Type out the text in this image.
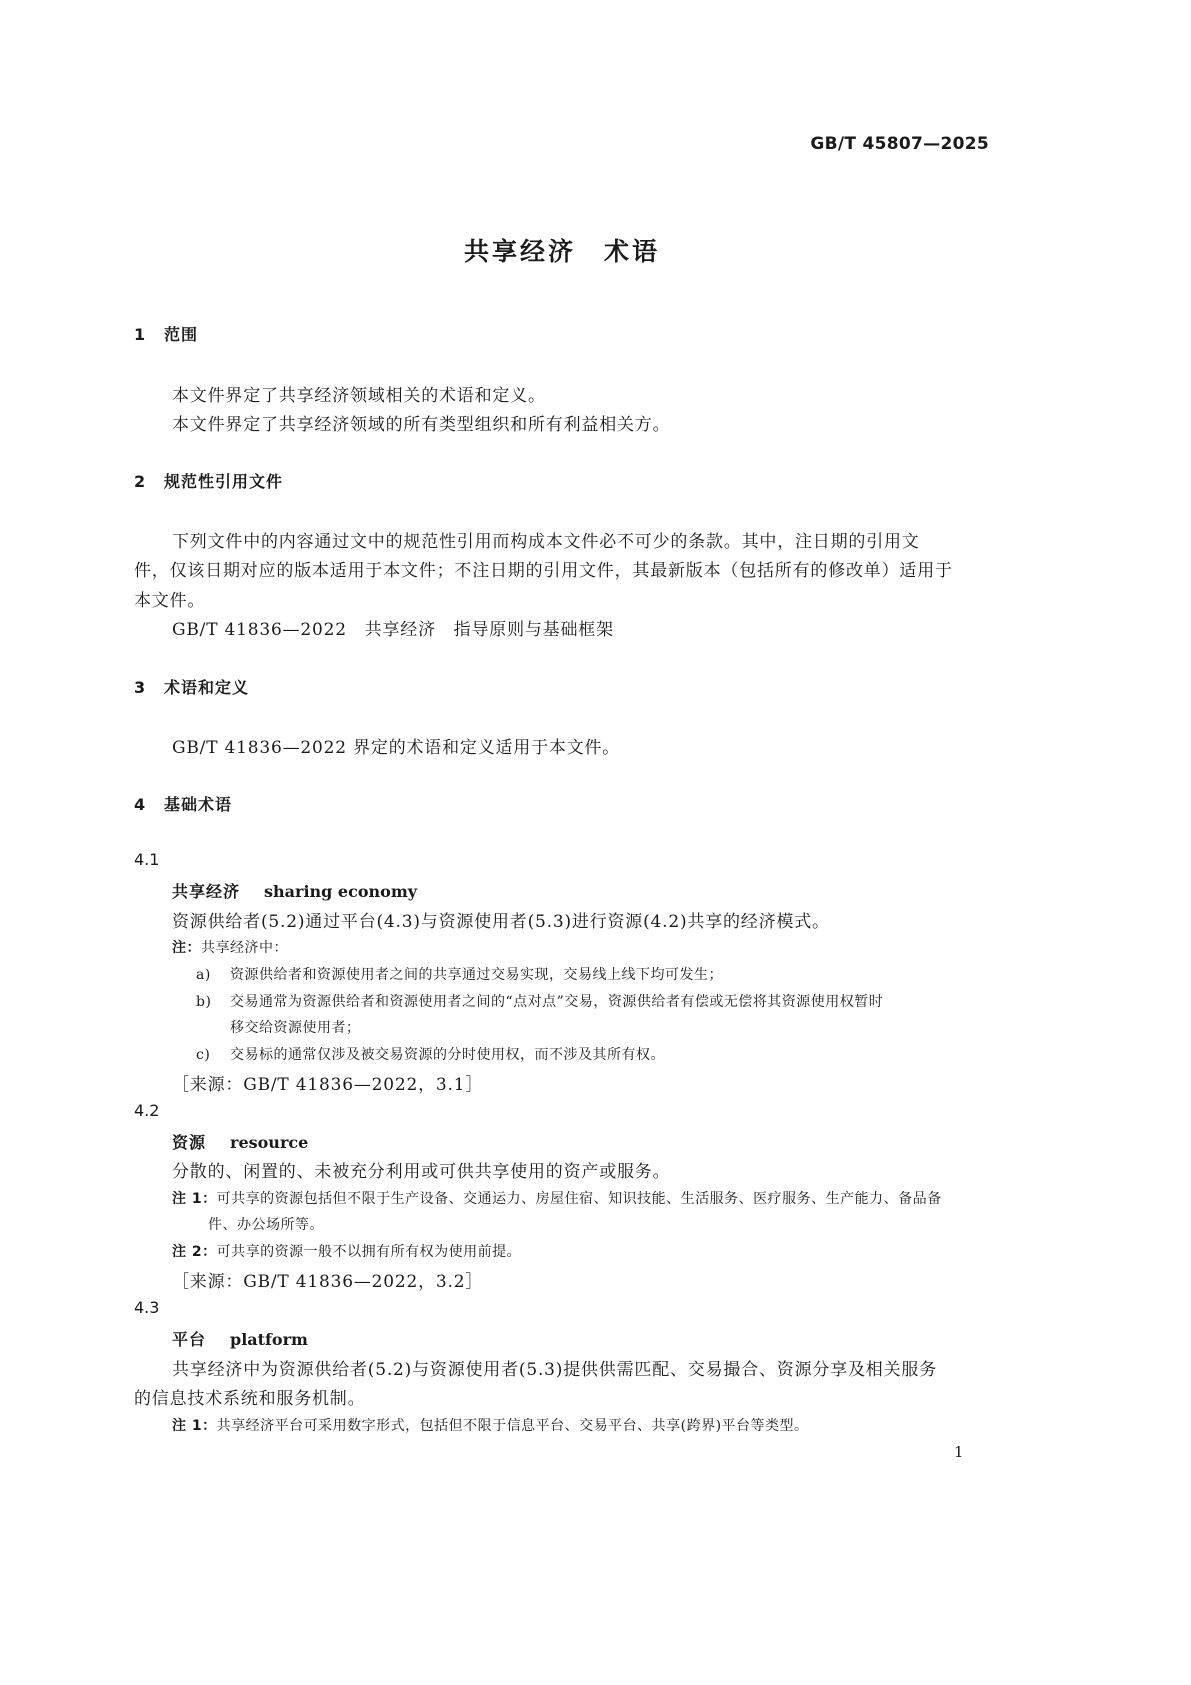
GB/T 45807—2025
共享经济　术语
1 范围
本文件界定了共享经济领域相关的术语和定义。
本文件界定了共享经济领域的所有类型组织和所有利益相关方。
2 规范性引用文件
下列文件中的内容通过文中的规范性引用而构成本文件必不可少的条款。其中，注日期的引用文
件，仅该日期对应的版本适用于本文件；不注日期的引用文件，其最新版本（包括所有的修改单）适用于
本文件。
GB/T 41836—2022　共享经济　指导原则与基础框架
3 术语和定义
GB/T 41836—2022 界定的术语和定义适用于本文件。
4 基础术语
4.1
共享经济 sharing economy
资源供给者(5.2)通过平台(4.3)与资源使用者(5.3)进行资源(4.2)共享的经济模式。
注：共享经济中：
a) 资源供给者和资源使用者之间的共享通过交易实现，交易线上线下均可发生；
b) 交易通常为资源供给者和资源使用者之间的“点对点”交易，资源供给者有偿或无偿将其资源使用权暂时
移交给资源使用者；
c) 交易标的通常仅涉及被交易资源的分时使用权，而不涉及其所有权。
［来源：GB/T 41836—2022，3.1］
4.2
资源 resource
分散的、闲置的、未被充分利用或可供共享使用的资产或服务。
注 1：可共享的资源包括但不限于生产设备、交通运力、房屋住宿、知识技能、生活服务、医疗服务、生产能力、备品备
件、办公场所等。
注 2：可共享的资源一般不以拥有所有权为使用前提。
［来源：GB/T 41836—2022，3.2］
4.3
平台 platform
共享经济中为资源供给者(5.2)与资源使用者(5.3)提供供需匹配、交易撮合、资源分享及相关服务
的信息技术系统和服务机制。
注 1：共享经济平台可采用数字形式，包括但不限于信息平台、交易平台、共享(跨界)平台等类型。
1
